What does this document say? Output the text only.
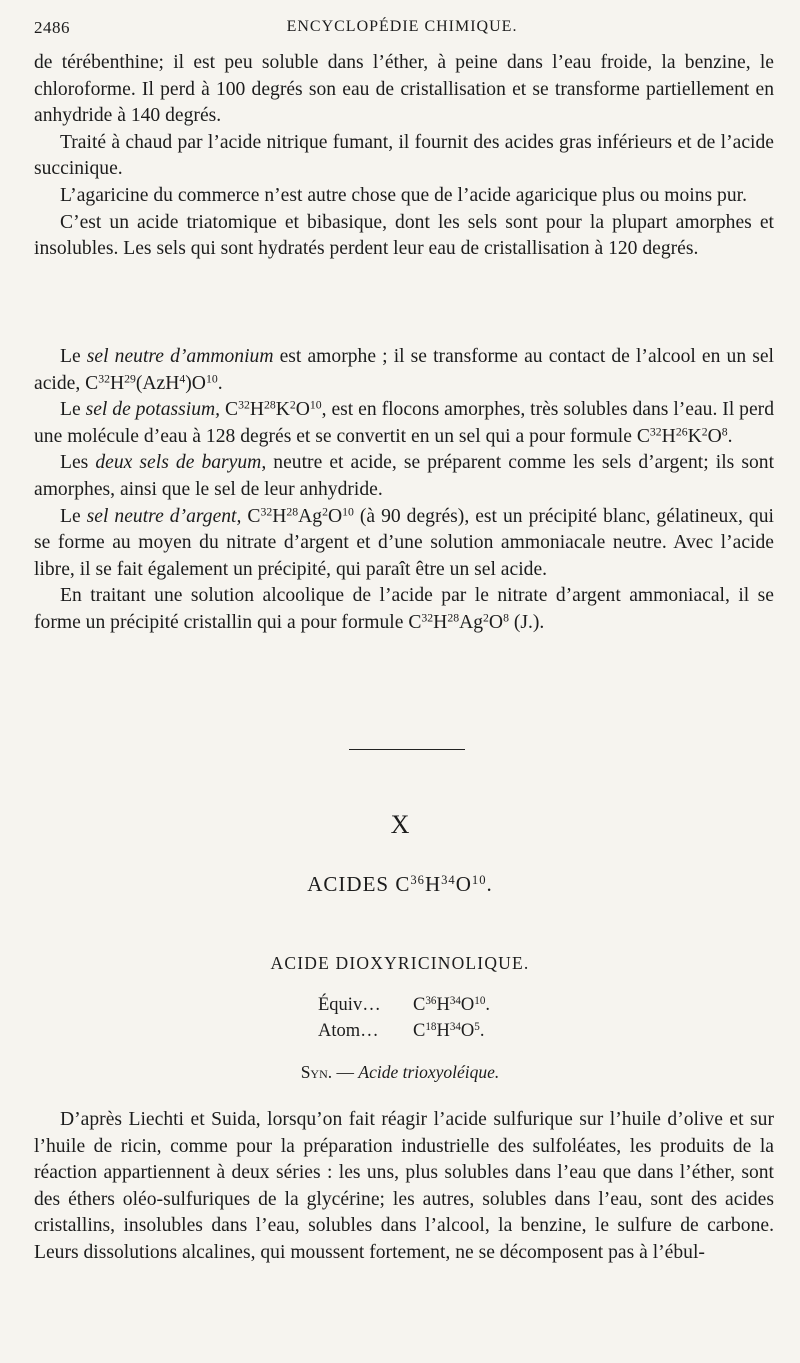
2486	ENCYCLOPÉDIE CHIMIQUE.

de térébenthine; il est peu soluble dans l’éther, à peine dans l’eau froide, la benzine, le chloroforme. Il perd à 100 degrés son eau de cristallisation et se transforme partiellement en anhydride à 140 degrés.

Traité à chaud par l’acide nitrique fumant, il fournit des acides gras inférieurs et de l’acide succinique.

L’agaricine du commerce n’est autre chose que de l’acide agaricique plus ou moins pur.

C’est un acide triatomique et bibasique, dont les sels sont pour la plupart amorphes et insolubles. Les sels qui sont hydratés perdent leur eau de cristallisation à 120 degrés.

Le sel neutre d’ammonium est amorphe ; il se transforme au contact de l’alcool en un sel acide, $C^{32}H^{29}(AzH^4)O^{10}$.

Le sel de potassium, $C^{32}H^{28}K^2O^{10}$, est en flocons amorphes, très solubles dans l’eau. Il perd une molécule d’eau à 128 degrés et se convertit en un sel qui a pour formule $C^{32}H^{26}K^2O^8$.

Les deux sels de baryum, neutre et acide, se préparent comme les sels d’argent; ils sont amorphes, ainsi que le sel de leur anhydride.

Le sel neutre d’argent, $C^{32}H^{28}Ag^2O^{10}$ (à 90 degrés), est un précipité blanc, gélatineux, qui se forme au moyen du nitrate d’argent et d’une solution ammoniacale neutre. Avec l’acide libre, il se fait également un précipité, qui paraît être un sel acide.

En traitant une solution alcoolique de l’acide par le nitrate d’argent ammoniacal, il se forme un précipité cristallin qui a pour formule $C^{32}H^{28}Ag^2O^8$ (J.).

X
ACIDES $C^{36}H^{34}O^{10}$.
ACIDE DIOXYRICINOLIQUE.
Équiv…	$C^{36}H^{34}O^{10}$.
Atom…	$C^{18}H^{34}O^5$.
Syn. — Acide trioxyoléique.

D’après Liechti et Suida, lorsqu’on fait réagir l’acide sulfurique sur l’huile d’olive et sur l’huile de ricin, comme pour la préparation industrielle des sulfoléates, les produits de la réaction appartiennent à deux séries : les uns, plus solubles dans l’eau que dans l’éther, sont des éthers oléo-sulfuriques de la glycérine; les autres, solubles dans l’eau, sont des acides cristallins, insolubles dans l’eau, solubles dans l’alcool, la benzine, le sulfure de carbone. Leurs dissolutions alcalines, qui moussent fortement, ne se décomposent pas à l’ébul-
